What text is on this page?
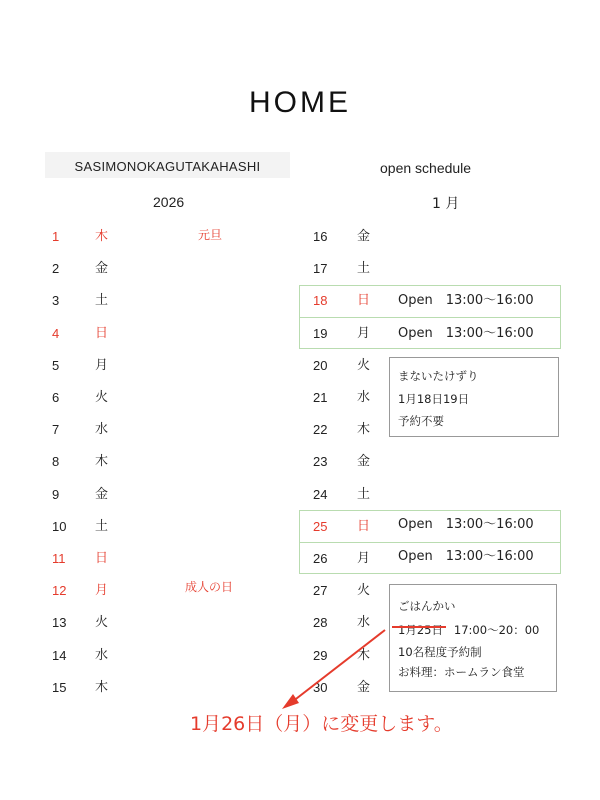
HOME
SASIMONOKAGUTAKAHASHI	open schedule
2026	1 月
1	木	元旦
2	金
3	土
4	日
5	月
6	火
7	水
8	木
9	金
10 土
11 日
12 月	成人の日
13 火
14 水
15 木
16 金
17 土
18 日 Open　13:00〜16:00
19 月 Open　13:00〜16:00
20 火
21 水
22 木
23 金
24 土
25 日 Open　13:00〜16:00
26 月 Open　13:00〜16:00
27 火
28 水
29 木
30 金
まないたけずり
1月18日19日
予約不要
ごはんかい
1月25日 17:00〜20：00
10名程度予約制
お料理：ホームラン食堂
1月26日（月）に変更します。
